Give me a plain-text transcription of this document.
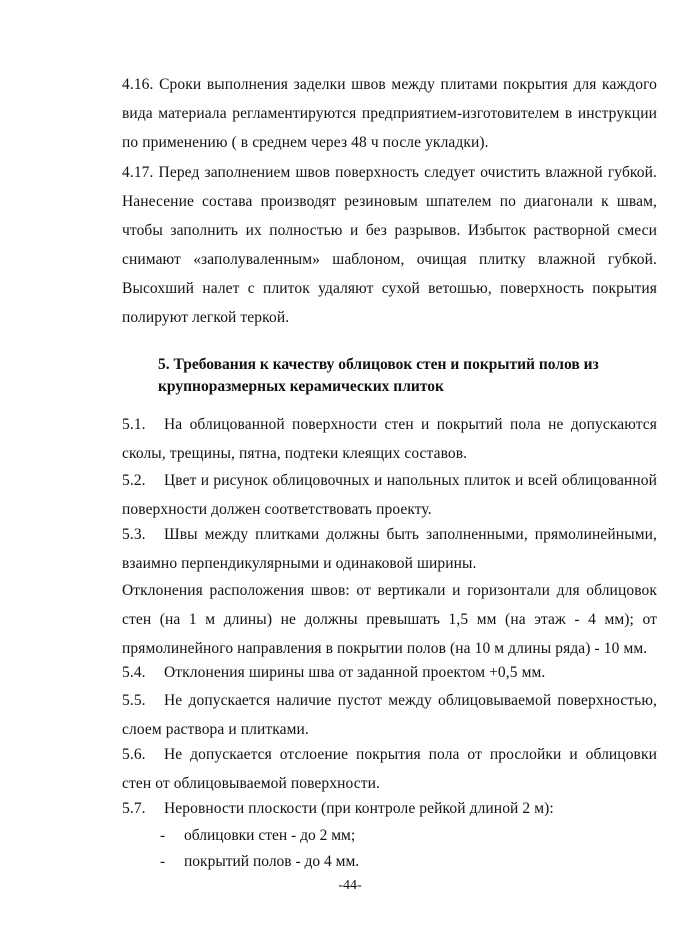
4.16. Сроки выполнения заделки швов между плитами покрытия для каждого вида материала регламентируются предприятием-изготовителем в инструкции по применению ( в среднем через 48 ч после укладки).
4.17. Перед заполнением швов поверхность следует очистить влажной губкой. Нанесение состава производят резиновым шпателем по диагонали к швам, чтобы заполнить их полностью и без разрывов. Избыток растворной смеси снимают «заполуваленным» шаблоном, очищая плитку влажной губкой. Высохший налет с плиток удаляют сухой ветошью, поверхность покрытия полируют легкой теркой.
5. Требования к качеству облицовок стен и покрытий полов из крупноразмерных керамических плиток
5.1. На облицованной поверхности стен и покрытий пола не допускаются сколы, трещины, пятна, подтеки клеящих составов.
5.2. Цвет и рисунок облицовочных и напольных плиток и всей облицованной поверхности должен соответствовать проекту.
5.3. Швы между плитками должны быть заполненными, прямолинейными, взаимно перпендикулярными и одинаковой ширины.
Отклонения расположения швов: от вертикали и горизонтали для облицовок стен (на 1 м длины) не должны превышать 1,5 мм (на этаж - 4 мм); от прямолинейного направления в покрытии полов (на 10 м длины ряда) - 10 мм.
5.4. Отклонения ширины шва от заданной проектом +0,5 мм.
5.5. Не допускается наличие пустот между облицовываемой поверхностью, слоем раствора и плитками.
5.6. Не допускается отслоение покрытия пола от прослойки и облицовки стен от облицовываемой поверхности.
5.7. Неровности плоскости (при контроле рейкой длиной 2 м):
- облицовки стен - до 2 мм;
- покрытий полов - до 4 мм.
-44-
